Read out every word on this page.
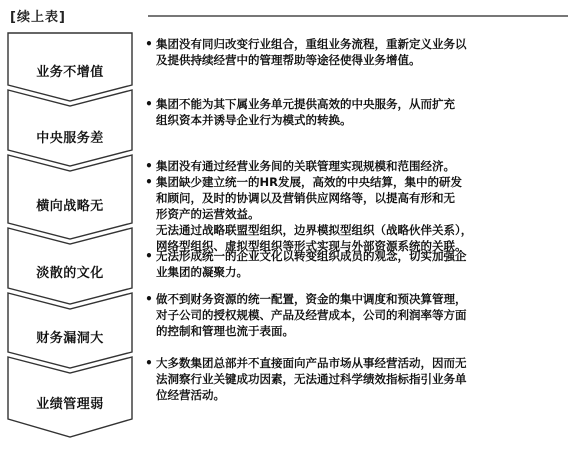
[续上表]
业务不增值
中央服务差
横向战略无
淡散的文化
财务漏洞大
业绩管理弱
• 集团没有同归改变行业组合，重组业务流程，重新定义业务以
及提供持续经营中的管理帮助等途径使得业务增值。
• 集团不能为其下属业务单元提供高效的中央服务，从而扩充
组织资本并诱导企业行为模式的转换。
• 集团没有通过经营业务间的关联管理实现规模和范围经济。
• 集团缺少建立统一的HR发展，高效的中央结算，集中的研发
和顾问，及时的协调以及营销供应网络等，以提高有形和无
形资产的运营效益。
无法通过战略联盟型组织，边界模拟型组织（战略伙伴关系），
网络型组织、虚拟型组织等形式实现与外部资源系统的关联。
• 无法形成统一的企业文化以转变组织成员的观念，切实加强企
业集团的凝聚力。
• 做不到财务资源的统一配置，资金的集中调度和预决算管理，
对子公司的授权规模、产品及经营成本，公司的利润率等方面
的控制和管理也流于表面。
• 大多数集团总部并不直接面向产品市场从事经营活动，因而无
法洞察行业关键成功因素，无法通过科学绩效指标指引业务单
位经营活动。
